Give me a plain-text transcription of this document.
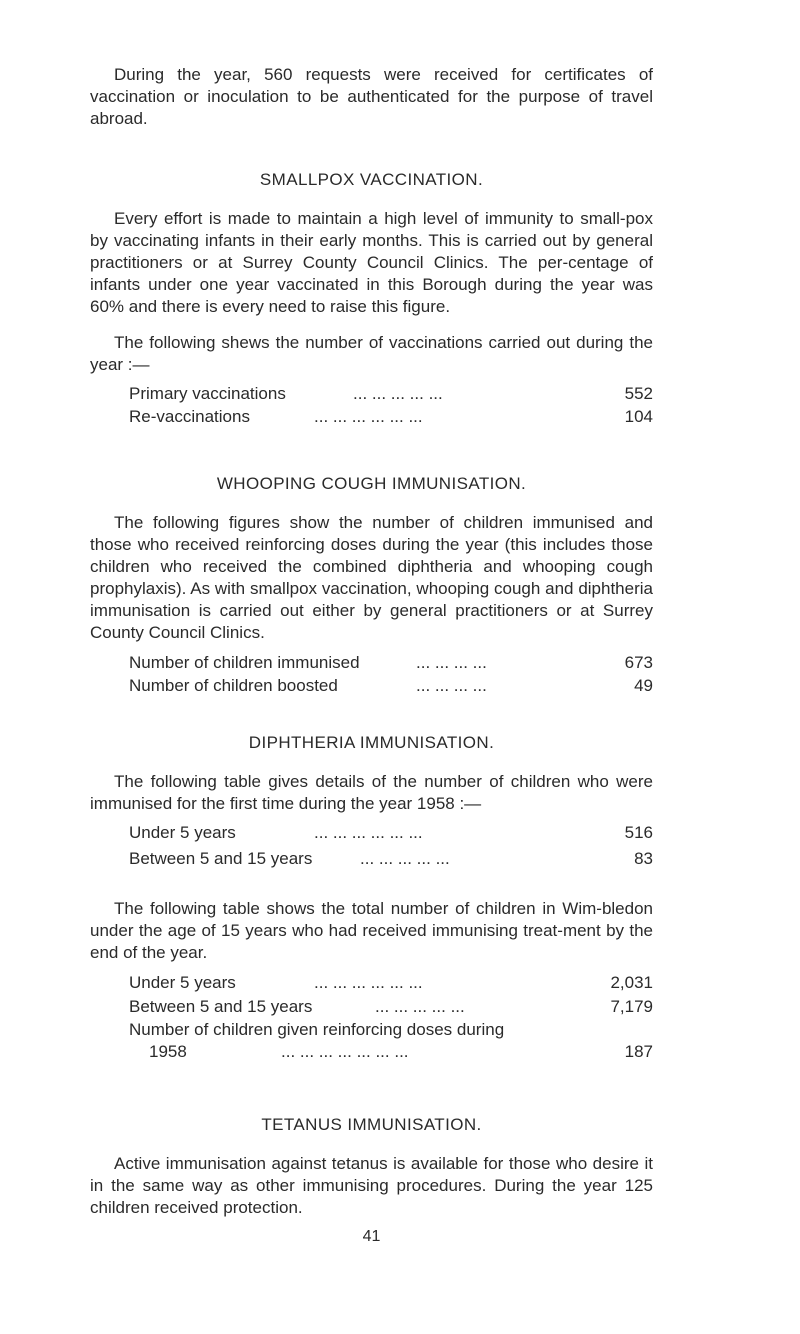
During the year, 560 requests were received for certificates of vaccination or inoculation to be authenticated for the purpose of travel abroad.
SMALLPOX VACCINATION.
Every effort is made to maintain a high level of immunity to small-pox by vaccinating infants in their early months. This is carried out by general practitioners or at Surrey County Council Clinics. The per-centage of infants under one year vaccinated in this Borough during the year was 60% and there is every need to raise this figure.
The following shews the number of vaccinations carried out during the year :—
Primary vaccinations	... ... ... ... ...	552
Re-vaccinations	... ... ... ... ... ...	104
WHOOPING COUGH IMMUNISATION.
The following figures show the number of children immunised and those who received reinforcing doses during the year (this includes those children who received the combined diphtheria and whooping cough prophylaxis). As with smallpox vaccination, whooping cough and diphtheria immunisation is carried out either by general practitioners or at Surrey County Council Clinics.
Number of children immunised	... ... ... ...	673
Number of children boosted	... ... ... ...	49
DIPHTHERIA IMMUNISATION.
The following table gives details of the number of children who were immunised for the first time during the year 1958 :—
Under 5 years	... ... ... ... ... ...	516
Between 5 and 15 years	... ... ... ... ...	83
The following table shows the total number of children in Wim-bledon under the age of 15 years who had received immunising treat-ment by the end of the year.
Under 5 years	... ... ... ... ... ...	2,031
Between 5 and 15 years	... ... ... ... ...	7,179
Number of children given reinforcing doses during
1958	... ... ... ... ... ... ...	187
TETANUS IMMUNISATION.
Active immunisation against tetanus is available for those who desire it in the same way as other immunising procedures. During the year 125 children received protection.
41
